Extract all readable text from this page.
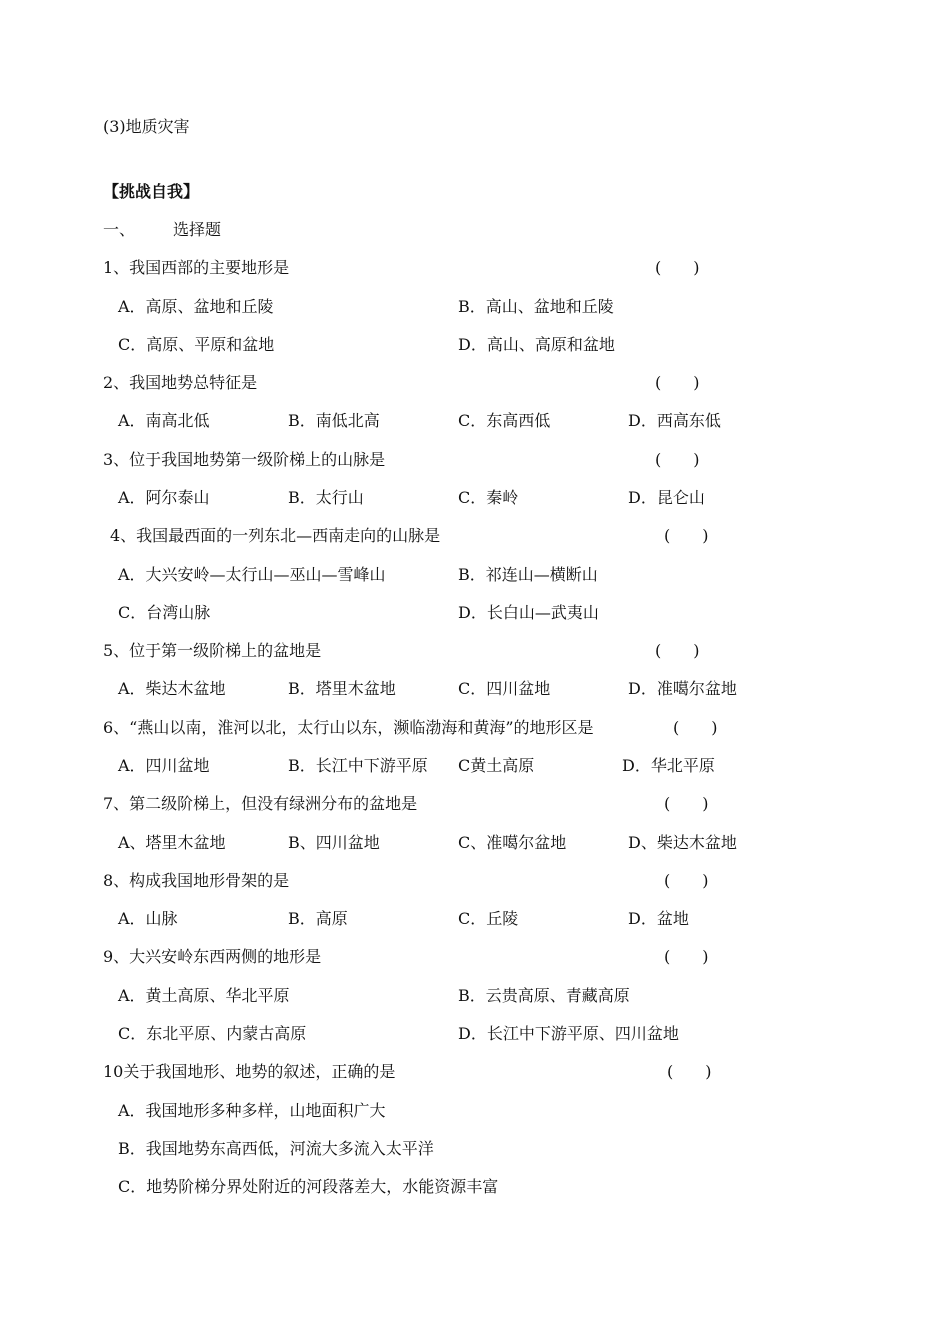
(3)地质灾害
【挑战自我】
一、 选择题
1、我国西部的主要地形是	(　　)
A．高原、盆地和丘陵	B．高山、盆地和丘陵
C．高原、平原和盆地	D．高山、高原和盆地
2、我国地势总特征是	(　　)
A．南高北低	B．南低北高	C．东高西低	D．西高东低
3、位于我国地势第一级阶梯上的山脉是	(　　)
A．阿尔泰山	B．太行山	C．秦岭	D．昆仑山
4、我国最西面的一列东北—西南走向的山脉是	(　　)
A．大兴安岭—太行山—巫山—雪峰山	B．祁连山—横断山
C．台湾山脉	D．长白山—武夷山
5、位于第一级阶梯上的盆地是	(　　)
A．柴达木盆地	B．塔里木盆地	C．四川盆地	D．准噶尔盆地
6、“燕山以南，淮河以北，太行山以东，濒临渤海和黄海”的地形区是	(　　)
A．四川盆地	B．长江中下游平原 C黄土高原	D．华北平原
7、第二级阶梯上，但没有绿洲分布的盆地是	(　　)
A、塔里木盆地	B、四川盆地	C、准噶尔盆地	D、柴达木盆地
8、构成我国地形骨架的是	(　　)
A．山脉	B．高原	C．丘陵	D．盆地
9、大兴安岭东西两侧的地形是	(　　)
A．黄土高原、华北平原	B．云贵高原、青藏高原
C．东北平原、内蒙古高原	D．长江中下游平原、四川盆地
10关于我国地形、地势的叙述，正确的是	(　　)
A．我国地形多种多样，山地面积广大
B．我国地势东高西低，河流大多流入太平洋
C．地势阶梯分界处附近的河段落差大，水能资源丰富
